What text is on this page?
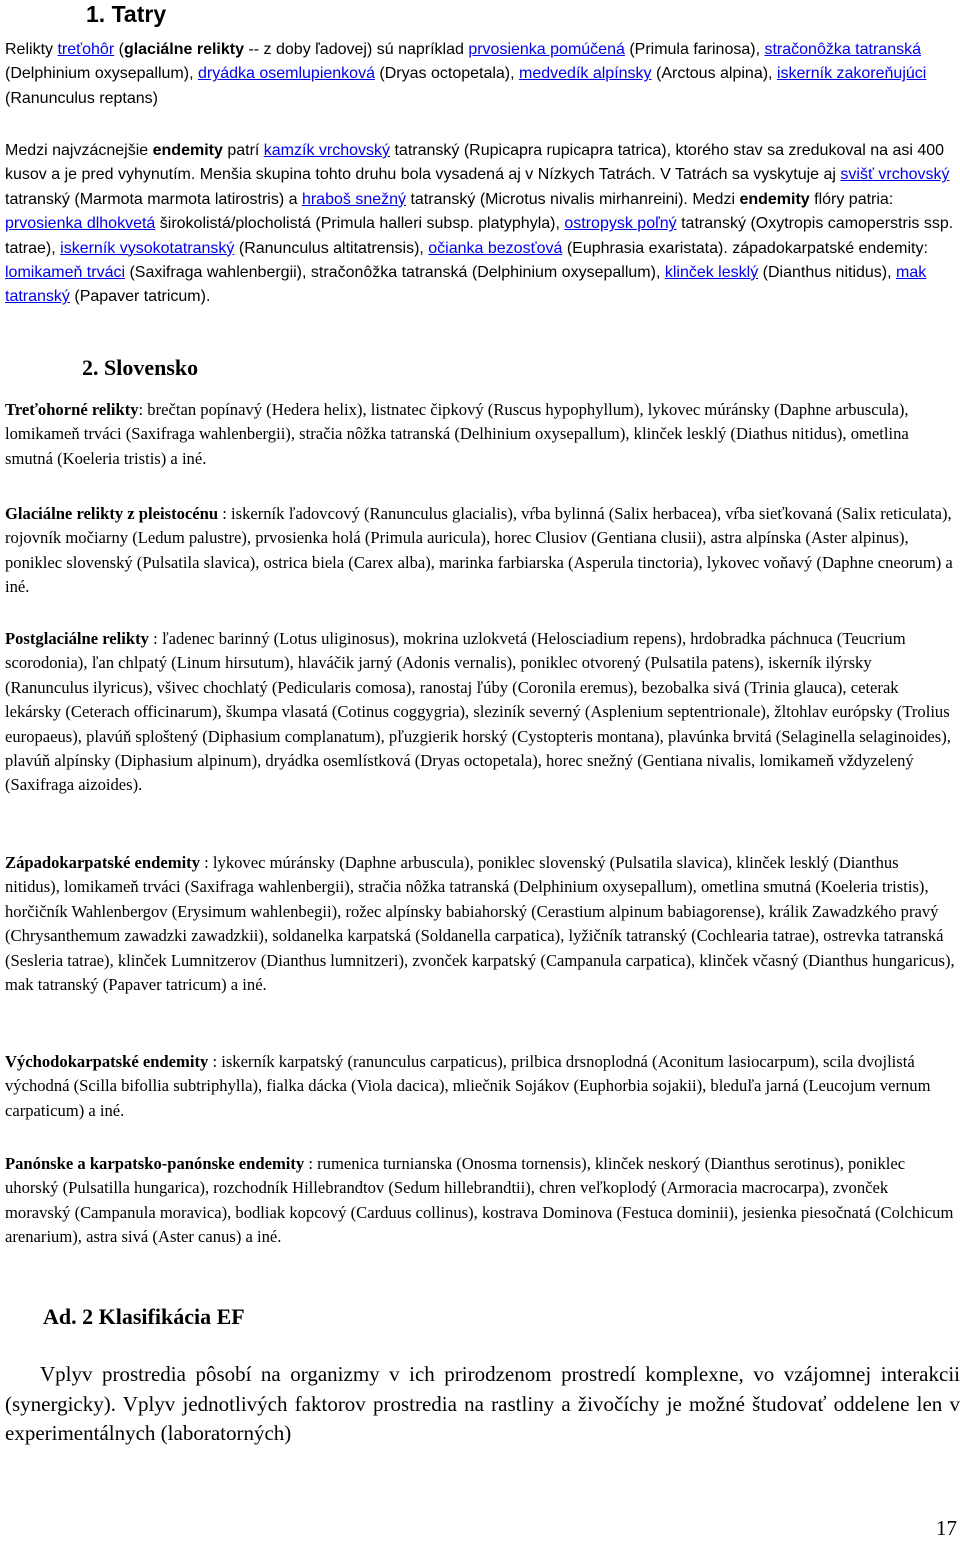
1. Tatry

Relikty treťohôr (glaciálne relikty -- z doby ľadovej) sú napríklad prvosienka pomúčená (Primula farinosa), stračonôžka tatranská (Delphinium oxysepallum), dryádka osemlupienková (Dryas octopetala), medvedík alpínsky (Arctous alpina), iskerník zakoreňujúci (Ranunculus reptans)

Medzi najvzácnejšie endemity patrí kamzík vrchovský tatranský (Rupicapra rupicapra tatrica), ktorého stav sa zredukoval na asi 400 kusov a je pred vyhynutím. Menšia skupina tohto druhu bola vysadená aj v Nízkych Tatrách. V Tatrách sa vyskytuje aj svišť vrchovský tatranský (Marmota marmota latirostris) a hraboš snežný tatranský (Microtus nivalis mirhanreini). Medzi endemity flóry patria: prvosienka dlhokvetá širokolistá/plocholistá (Primula halleri subsp. platyphyla), ostropysk poľný tatranský (Oxytropis camoperstris ssp. tatrae), iskerník vysokotatranský (Ranunculus altitatrensis), očianka bezosťová (Euphrasia exaristata). západokarpatské endemity: lomikameň trváci (Saxifraga wahlenbergii), stračonôžka tatranská (Delphinium oxysepallum), klinček lesklý (Dianthus nitidus), mak tatranský (Papaver tatricum).

2. Slovensko

Treťohorné relikty: brečtan popínavý (Hedera helix), listnatec čipkový (Ruscus hypophyllum), lykovec múránsky (Daphne arbuscula), lomikameň trváci (Saxifraga wahlenbergii), stračia nôžka tatranská (Delhinium oxysepallum), klinček lesklý (Diathus nitidus), ometlina smutná (Koeleria tristis) a iné.

Glaciálne relikty z pleistocénu : iskerník ľadovcový (Ranunculus glacialis), vŕba bylinná (Salix herbacea), vŕba sieťkovaná (Salix reticulata), rojovník močiarny (Ledum palustre), prvosienka holá (Primula auricula), horec Clusiov (Gentiana clusii), astra alpínska (Aster alpinus), poniklec slovenský (Pulsatila slavica), ostrica biela (Carex alba), marinka farbiarska (Asperula tinctoria), lykovec voňavý (Daphne cneorum) a iné.

Postglaciálne relikty : ľadenec barinný (Lotus uliginosus), mokrina uzlokvetá (Helosciadium repens), hrdobradka páchnuca (Teucrium scorodonia), ľan chlpatý (Linum hirsutum), hlaváčik jarný (Adonis vernalis), poniklec otvorený (Pulsatila patens), iskerník ilýrsky (Ranunculus ilyricus), všivec chochlatý (Pedicularis comosa), ranostaj ľúby (Coronila eremus), bezobalka sivá (Trinia glauca), ceterak lekársky (Ceterach officinarum), škumpa vlasatá (Cotinus coggygria), sleziník severný (Asplenium septentrionale), žltohlav európsky (Trolius europaeus), plavúň sploštený (Diphasium complanatum), pľuzgierik horský (Cystopteris montana), plavúnka brvitá (Selaginella selaginoides), plavúň alpínsky (Diphasium alpinum), dryádka osemlístková (Dryas octopetala), horec snežný (Gentiana nivalis, lomikameň vždyzelený (Saxifraga aizoides).

Západokarpatské endemity : lykovec múránsky (Daphne arbuscula), poniklec slovenský (Pulsatila slavica), klinček lesklý (Dianthus nitidus), lomikameň trváci (Saxifraga wahlenbergii), stračia nôžka tatranská (Delphinium oxysepallum), ometlina smutná (Koeleria tristis), horčičník Wahlenbergov (Erysimum wahlenbegii), rožec alpínsky babiahorský (Cerastium alpinum babiagorense), králik Zawadzkého pravý (Chrysanthemum zawadzki zawadzkii), soldanelka karpatská (Soldanella carpatica), lyžičník tatranský (Cochlearia tatrae), ostrevka tatranská (Sesleria tatrae), klinček Lumnitzerov (Dianthus lumnitzeri), zvonček karpatský (Campanula carpatica), klinček včasný (Dianthus hungaricus), mak tatranský (Papaver tatricum) a iné.

Východokarpatské endemity : iskerník karpatský (ranunculus carpaticus), prilbica drsnoplodná (Aconitum lasiocarpum), scila dvojlistá východná (Scilla bifollia subtriphylla), fialka dácka (Viola dacica), mliečnik Sojákov (Euphorbia sojakii), bleduľa jarná (Leucojum vernum carpaticum) a iné.

Panónske a karpatsko-panónske endemity : rumenica turnianska (Onosma tornensis), klinček neskorý (Dianthus serotinus), poniklec uhorský (Pulsatilla hungarica), rozchodník Hillebrandtov (Sedum hillebrandtii), chren veľkoplodý (Armoracia macrocarpa), zvonček moravský (Campanula moravica), bodliak kopcový (Carduus collinus), kostrava Dominova (Festuca dominii), jesienka piesočnatá (Colchicum arenarium), astra sivá (Aster canus) a iné.

Ad. 2 Klasifikácia EF

Vplyv prostredia pôsobí na organizmy v ich prirodzenom prostredí komplexne, vo vzájomnej interakcii (synergicky). Vplyv jednotlivých faktorov prostredia na rastliny a živočíchy je možné študovať oddelene len v experimentálnych (laboratorných)

17
